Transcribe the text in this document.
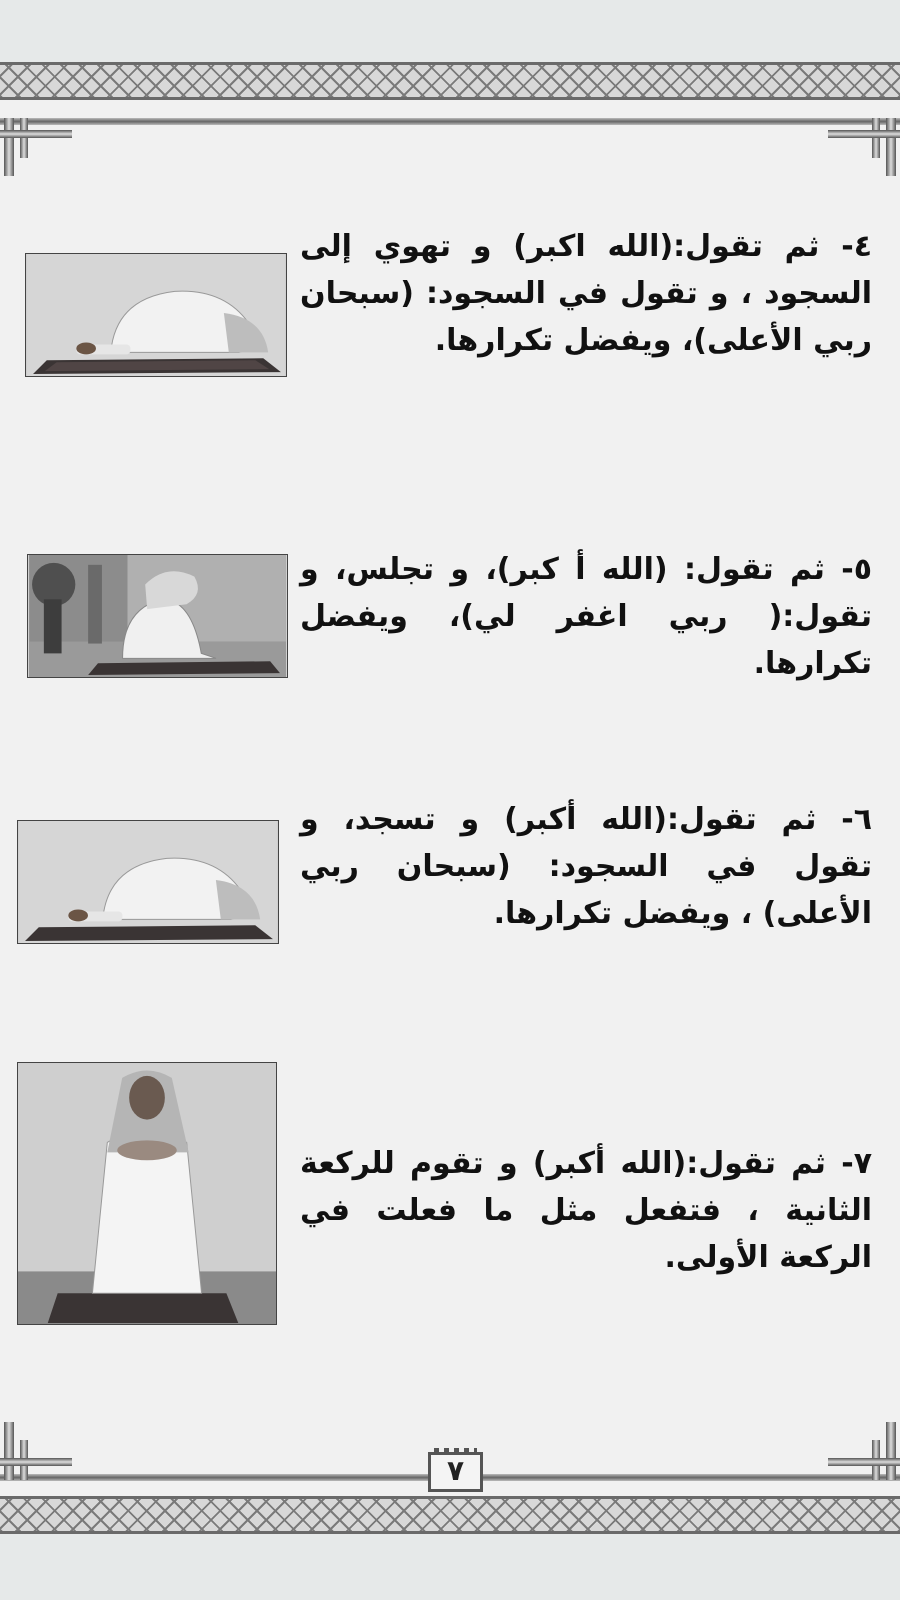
٤- ثم تقول:(الله اكبر) و تهوي إلى السجود ، و تقول في السجود: (سبحان ربي الأعلى)، ويفضل تكرارها.
٥- ثم تقول: (الله أ كبر)، و تجلس، و تقول:( ربي اغفر لي)، ويفضل تكرارها.
٦- ثم تقول:(الله أكبر) و تسجد، و تقول في السجود: (سبحان ربي الأعلى) ، ويفضل تكرارها.
٧- ثم تقول:(الله أكبر) و تقوم للركعة الثانية ، فتفعل مثل ما فعلت في الركعة الأولى.
٧
